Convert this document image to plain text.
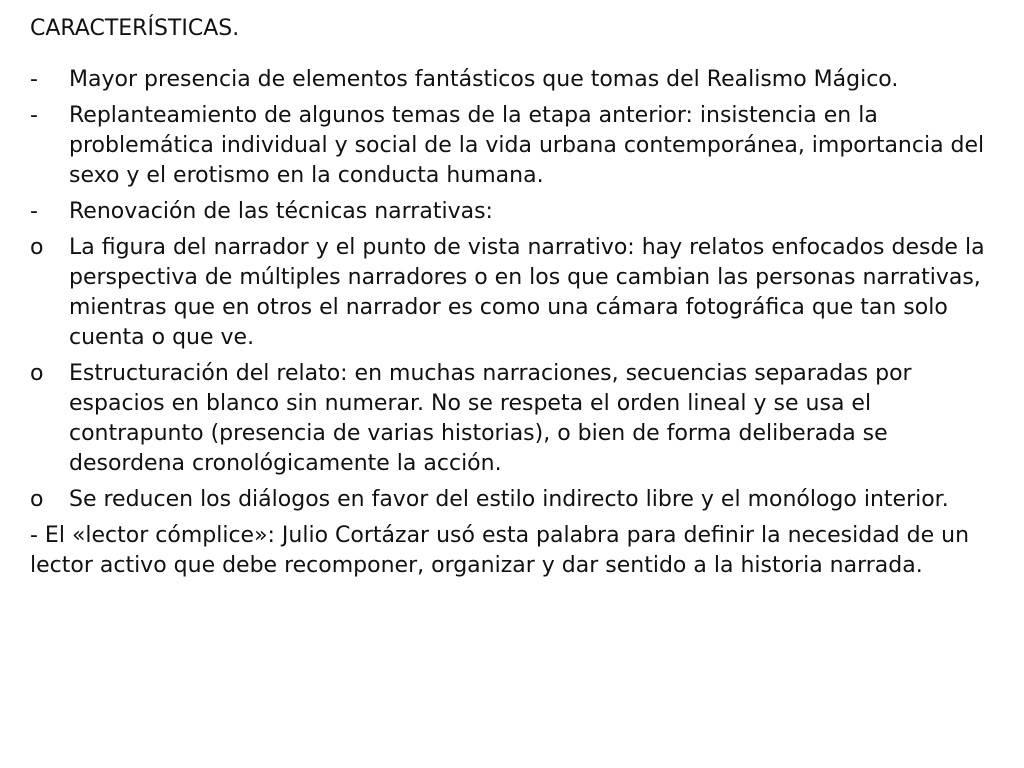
CARACTERÍSTICAS.
-	Mayor presencia de elementos fantásticos que tomas del Realismo Mágico.
-	Replanteamiento de algunos temas de la etapa anterior: insistencia en la problemática individual y social de la vida urbana contemporánea, importancia del sexo y el erotismo en la conducta humana.
-	Renovación de las técnicas narrativas:
o	La figura del narrador y el punto de vista narrativo: hay relatos enfocados desde la perspectiva de múltiples narradores o en los que cambian las personas narrativas, mientras que en otros el narrador es como una cámara fotográfica que tan solo cuenta o que ve.
o	Estructuración del relato: en muchas narraciones, secuencias separadas por espacios en blanco sin numerar. No se respeta el orden lineal y se usa el contrapunto (presencia de varias historias), o bien de forma deliberada se desordena cronológicamente la acción.
o	Se reducen los diálogos en favor del estilo indirecto libre y el monólogo interior.
- El «lector cómplice»: Julio Cortázar usó esta palabra para definir la necesidad de un lector activo que debe recomponer, organizar y dar sentido a la historia narrada.
